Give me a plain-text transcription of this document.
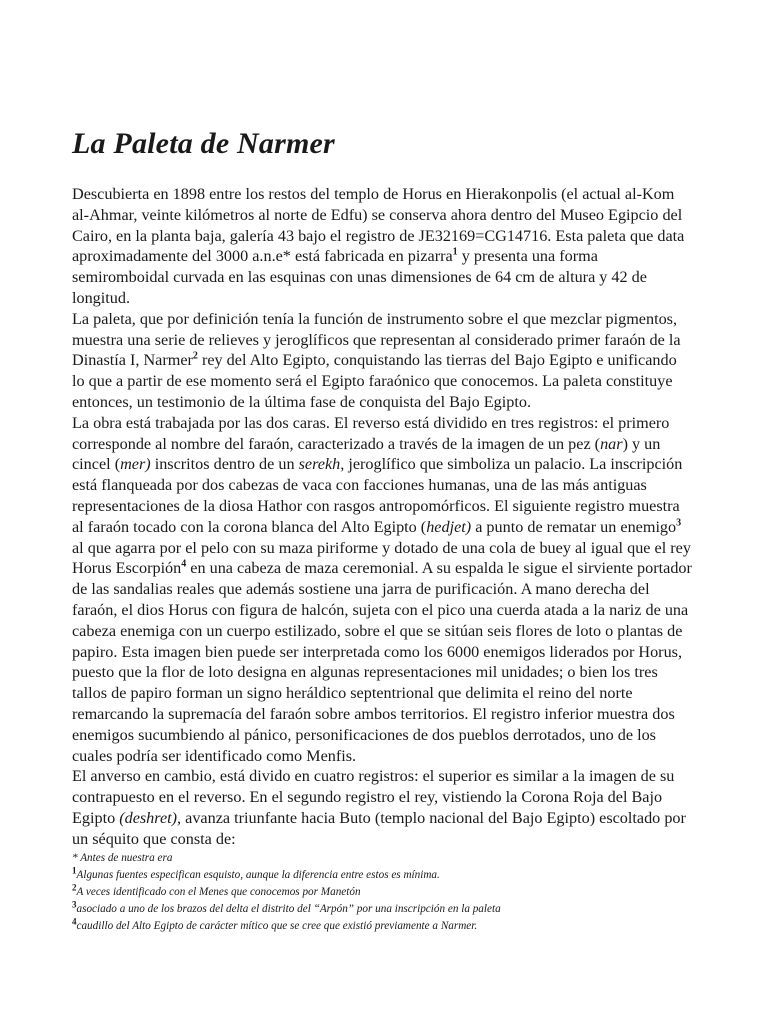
La Paleta de Narmer

Descubierta en 1898 entre los restos del templo de Horus en Hierakonpolis (el actual al-Kom al-Ahmar, veinte kilómetros al norte de Edfu) se conserva ahora dentro del Museo Egipcio del Cairo, en la planta baja, galería 43 bajo el registro de JE32169=CG14716. Esta paleta que data aproximadamente del 3000 a.n.e* está fabricada en pizarra$^1$ y presenta una forma semiromboidal curvada en las esquinas con unas dimensiones de 64 cm de altura y 42 de longitud.

La paleta, que por definición tenía la función de instrumento sobre el que mezclar pigmentos, muestra una serie de relieves y jeroglíficos que representan al considerado primer faraón de la Dinastía I, Narmer$^2$ rey del Alto Egipto, conquistando las tierras del Bajo Egipto e unificando lo que a partir de ese momento será el Egipto faraónico que conocemos. La paleta constituye entonces, un testimonio de la última fase de conquista del Bajo Egipto.

La obra está trabajada por las dos caras. El reverso está dividido en tres registros: el primero corresponde al nombre del faraón, caracterizado a través de la imagen de un pez (nar) y un cincel (mer) inscritos dentro de un serekh, jeroglífico que simboliza un palacio. La inscripción está flanqueada por dos cabezas de vaca con facciones humanas, una de las más antiguas representaciones de la diosa Hathor con rasgos antropomórficos. El siguiente registro muestra al faraón tocado con la corona blanca del Alto Egipto (hedjet) a punto de rematar un enemigo$^3$ al que agarra por el pelo con su maza piriforme y dotado de una cola de buey al igual que el rey Horus Escorpión$^4$ en una cabeza de maza ceremonial. A su espalda le sigue el sirviente portador de las sandalias reales que además sostiene una jarra de purificación. A mano derecha del faraón, el dios Horus con figura de halcón, sujeta con el pico una cuerda atada a la nariz de una cabeza enemiga con un cuerpo estilizado, sobre el que se sitúan seis flores de loto o plantas de papiro. Esta imagen bien puede ser interpretada como los 6000 enemigos liderados por Horus, puesto que la flor de loto designa en algunas representaciones mil unidades; o bien los tres tallos de papiro forman un signo heráldico septentrional que delimita el reino del norte remarcando la supremacía del faraón sobre ambos territorios. El registro inferior muestra dos enemigos sucumbiendo al pánico, personificaciones de dos pueblos derrotados, uno de los cuales podría ser identificado como Menfis.

El anverso en cambio, está divido en cuatro registros: el superior es similar a la imagen de su contrapuesto en el reverso. En el segundo registro el rey, vistiendo la Corona Roja del Bajo Egipto (deshret), avanza triunfante hacia Buto (templo nacional del Bajo Egipto) escoltado por un séquito que consta de:

* Antes de nuestra era

$^1$Algunas fuentes especifican esquisto, aunque la diferencia entre estos es mínima.

$^2$A veces identificado con el Menes que conocemos por Manetón

$^3$asociado a uno de los brazos del delta el distrito del “Arpón” por una inscripción en la paleta

$^4$caudillo del Alto Egipto de carácter mítico que se cree que existió previamente a Narmer.
